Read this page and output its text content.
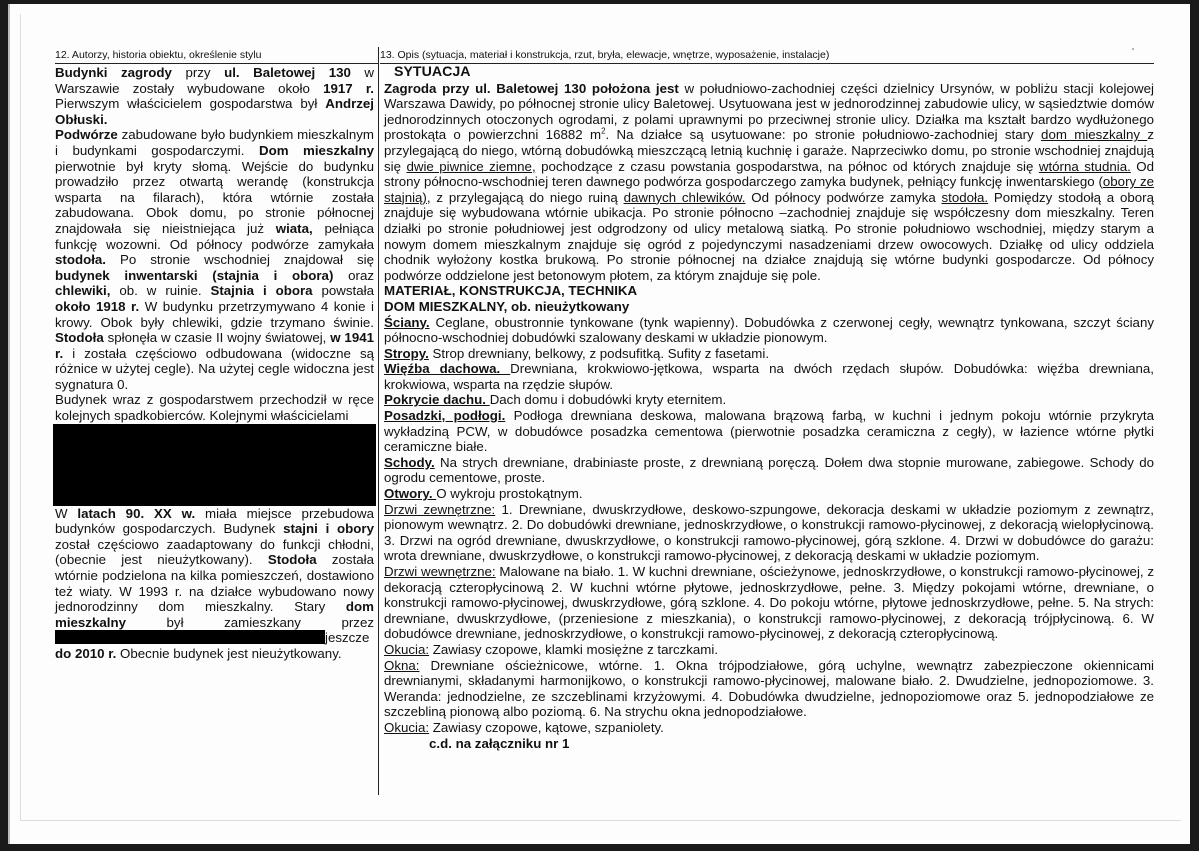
12. Autorzy, historia obiektu, określenie stylu

Budynki zagrody przy ul. Baletowej 130 w Warszawie zostały wybudowane około 1917 r. Pierwszym właścicielem gospodarstwa był Andrzej Obłuski.

Podwórze zabudowane było budynkiem mieszkalnym i budynkami gospodarczymi. Dom mieszkalny pierwotnie był kryty słomą. Wejście do budynku prowadziło przez otwartą werandę (konstrukcja wsparta na filarach), która wtórnie została zabudowana. Obok domu, po stronie północnej znajdowała się nieistniejąca już wiata, pełniąca funkcję wozowni. Od północy podwórze zamykała stodoła. Po stronie wschodniej znajdował się budynek inwentarski (stajnia i obora) oraz chlewiki, ob. w ruinie. Stajnia i obora powstała około 1918 r. W budynku przetrzymywano 4 konie i krowy. Obok były chlewiki, gdzie trzymano świnie. Stodoła spłonęła w czasie II wojny światowej, w 1941 r. i została częściowo odbudowana (widoczne są różnice w użytej cegle). Na użytej cegle widoczna jest sygnatura 0.

Budynek wraz z gospodarstwem przechodził w ręce kolejnych spadkobierców. Kolejnymi właścicielami

W latach 90. XX w. miała miejsce przebudowa budynków gospodarczych. Budynek stajni i obory został częściowo zaadaptowany do funkcji chłodni, (obecnie jest nieużytkowany). Stodoła została wtórnie podzielona na kilka pomieszczeń, dostawiono też wiaty. W 1993 r. na działce wybudowano nowy jednorodzinny dom mieszkalny. Stary dom mieszkalny był zamieszkany przez jeszcze

do 2010 r. Obecnie budynek jest nieużytkowany.

13. Opis (sytuacja, materiał i konstrukcja, rzut, bryła, elewacje, wnętrze, wyposażenie, instalacje)
SYTUACJA

Zagroda przy ul. Baletowej 130 położona jest w południowo-zachodniej części dzielnicy Ursynów, w pobliżu stacji kolejowej Warszawa Dawidy, po północnej stronie ulicy Baletowej. Usytuowana jest w jednorodzinnej zabudowie ulicy, w sąsiedztwie domów jednorodzinnych otoczonych ogrodami, z polami uprawnymi po przeciwnej stronie ulicy. Działka ma kształt bardzo wydłużonego prostokąta o powierzchni 16882 $m^2$. Na działce są usytuowane: po stronie południowo-zachodniej stary dom mieszkalny z przylegającą do niego, wtórną dobudówką mieszczącą letnią kuchnię i garaże. Naprzeciwko domu, po stronie wschodniej znajdują się dwie piwnice ziemne, pochodzące z czasu powstania gospodarstwa, na północ od których znajduje się wtórna studnia. Od strony północno-wschodniej teren dawnego podwórza gospodarczego zamyka budynek, pełniący funkcję inwentarskiego (obory ze stajnią), z przylegającą do niego ruiną dawnych chlewików. Od północy podwórze zamyka stodoła. Pomiędzy stodołą a oborą znajduje się wybudowana wtórnie ubikacja. Po stronie północno –zachodniej znajduje się współczesny dom mieszkalny. Teren działki po stronie południowej jest odgrodzony od ulicy metalową siatką. Po stronie południowo wschodniej, między starym a nowym domem mieszkalnym znajduje się ogród z pojedynczymi nasadzeniami drzew owocowych. Działkę od ulicy oddziela chodnik wyłożony kostka brukową. Po stronie północnej na działce znajdują się wtórne budynki gospodarcze. Od północy podwórze oddzielone jest betonowym płotem, za którym znajduje się pole.

MATERIAŁ, KONSTRUKCJA, TECHNIKA
DOM MIESZKALNY, ob. nieużytkowany

Ściany. Ceglane, obustronnie tynkowane (tynk wapienny). Dobudówka z czerwonej cegły, wewnątrz tynkowana, szczyt ściany północno-wschodniej dobudówki szalowany deskami w układzie pionowym.

Stropy. Strop drewniany, belkowy, z podsufitką. Sufity z fasetami.

Więźba dachowa. Drewniana, krokwiowo-jętkowa, wsparta na dwóch rzędach słupów. Dobudówka: więźba drewniana, krokwiowa, wsparta na rzędzie słupów.

Pokrycie dachu. Dach domu i dobudówki kryty eternitem.

Posadzki, podłogi. Podłoga drewniana deskowa, malowana brązową farbą, w kuchni i jednym pokoju wtórnie przykryta wykładziną PCW, w dobudówce posadzka cementowa (pierwotnie posadzka ceramiczna z cegły), w łazience wtórne płytki ceramiczne białe.

Schody. Na strych drewniane, drabiniaste proste, z drewnianą poręczą. Dołem dwa stopnie murowane, zabiegowe. Schody do ogrodu cementowe, proste.

Otwory. O wykroju prostokątnym.

Drzwi zewnętrzne: 1. Drewniane, dwuskrzydłowe, deskowo-szpungowe, dekoracja deskami w układzie poziomym z zewnątrz, pionowym wewnątrz. 2. Do dobudówki drewniane, jednoskrzydłowe, o konstrukcji ramowo-płycinowej, z dekoracją wielopłycinową. 3. Drzwi na ogród drewniane, dwuskrzydłowe, o konstrukcji ramowo-płycinowej, górą szklone. 4. Drzwi w dobudówce do garażu: wrota drewniane, dwuskrzydłowe, o konstrukcji ramowo-płycinowej, z dekoracją deskami w układzie poziomym.

Drzwi wewnętrzne: Malowane na biało. 1. W kuchni drewniane, ościeżynowe, jednoskrzydłowe, o konstrukcji ramowo-płycinowej, z dekoracją czteropłycinową 2. W kuchni wtórne płytowe, jednoskrzydłowe, pełne. 3. Między pokojami wtórne, drewniane, o konstrukcji ramowo-płycinowej, dwuskrzydłowe, górą szklone. 4. Do pokoju wtórne, płytowe jednoskrzydłowe, pełne. 5. Na strych: drewniane, dwuskrzydłowe, (przeniesione z mieszkania), o konstrukcji ramowo-płycinowej, z dekoracją trójpłycinową. 6. W dobudówce drewniane, jednoskrzydłowe, o konstrukcji ramowo-płycinowej, z dekoracją czteropłycinową.

Okucia: Zawiasy czopowe, klamki mosiężne z tarczkami.

Okna: Drewniane ościeżnicowe, wtórne. 1. Okna trójpodziałowe, górą uchylne, wewnątrz zabezpieczone okiennicami drewnianymi, składanymi harmonijkowo, o konstrukcji ramowo-płycinowej, malowane biało. 2. Dwudzielne, jednopoziomowe. 3. Weranda: jednodzielne, ze szczeblinami krzyżowymi. 4. Dobudówka dwudzielne, jednopoziomowe oraz 5. jednopodziałowe ze szczebliną pionową albo poziomą. 6. Na strychu okna jednopodziałowe.

Okucia: Zawiasy czopowe, kątowe, szpaniolety.

c.d. na załączniku nr 1
